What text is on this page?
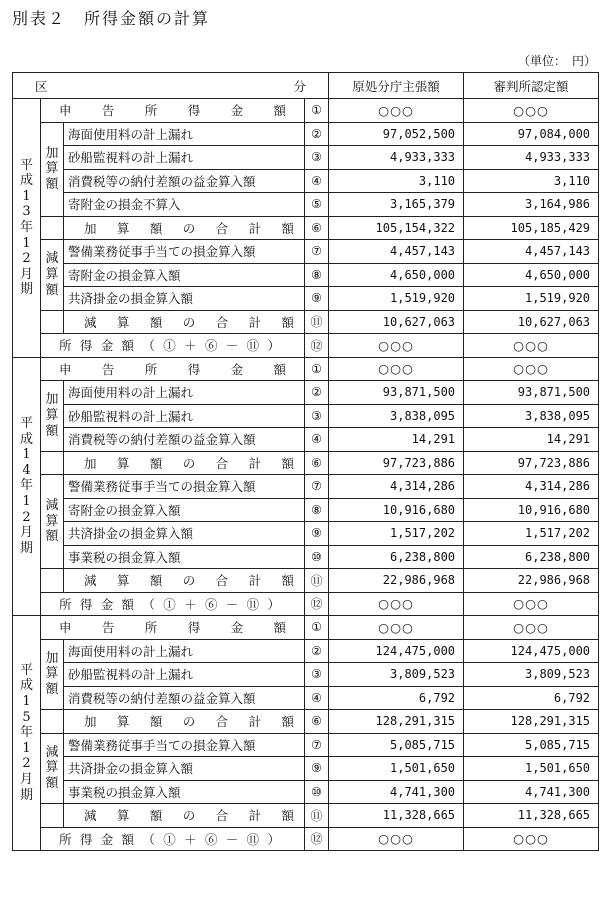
別表２　所得金額の計算
（単位：　円）
区 分				原処分庁主張額	審判所認定額
平成13年12月期	申告所得金額		①	○○○	○○○
	加算額	海面使用料の計上漏れ	②	97,052,500	97,084,000
		砂船監視料の計上漏れ	③	4,933,333	4,933,333
		消費税等の納付差額の益金算入額	④	3,110	3,110
		寄附金の損金不算入	⑤	3,165,379	3,164,986
		加算額の合計額	⑥	105,154,322	105,185,429
	減算額	警備業務従事手当ての損金算入額	⑦	4,457,143	4,457,143
		寄附金の損金算入額	⑧	4,650,000	4,650,000
		共済掛金の損金算入額	⑨	1,519,920	1,519,920
		減算額の合計額	⑪	10,627,063	10,627,063
	所得金額（①＋⑥－⑪）		⑫	○○○	○○○
平成14年12月期	申告所得金額		①	○○○	○○○
	加算額	海面使用料の計上漏れ	②	93,871,500	93,871,500
		砂船監視料の計上漏れ	③	3,838,095	3,838,095
		消費税等の納付差額の益金算入額	④	14,291	14,291
		加算額の合計額	⑥	97,723,886	97,723,886
	減算額	警備業務従事手当ての損金算入額	⑦	4,314,286	4,314,286
		寄附金の損金算入額	⑧	10,916,680	10,916,680
		共済掛金の損金算入額	⑨	1,517,202	1,517,202
		事業税の損金算入額	⑩	6,238,800	6,238,800
		減算額の合計額	⑪	22,986,968	22,986,968
	所得金額（①＋⑥－⑪）		⑫	○○○	○○○
平成15年12月期	申告所得金額		①	○○○	○○○
	加算額	海面使用料の計上漏れ	②	124,475,000	124,475,000
		砂船監視料の計上漏れ	③	3,809,523	3,809,523
		消費税等の納付差額の益金算入額	④	6,792	6,792
		加算額の合計額	⑥	128,291,315	128,291,315
	減算額	警備業務従事手当ての損金算入額	⑦	5,085,715	5,085,715
		共済掛金の損金算入額	⑨	1,501,650	1,501,650
		事業税の損金算入額	⑩	4,741,300	4,741,300
		減算額の合計額	⑪	11,328,665	11,328,665
	所得金額（①＋⑥－⑪）		⑫	○○○	○○○
